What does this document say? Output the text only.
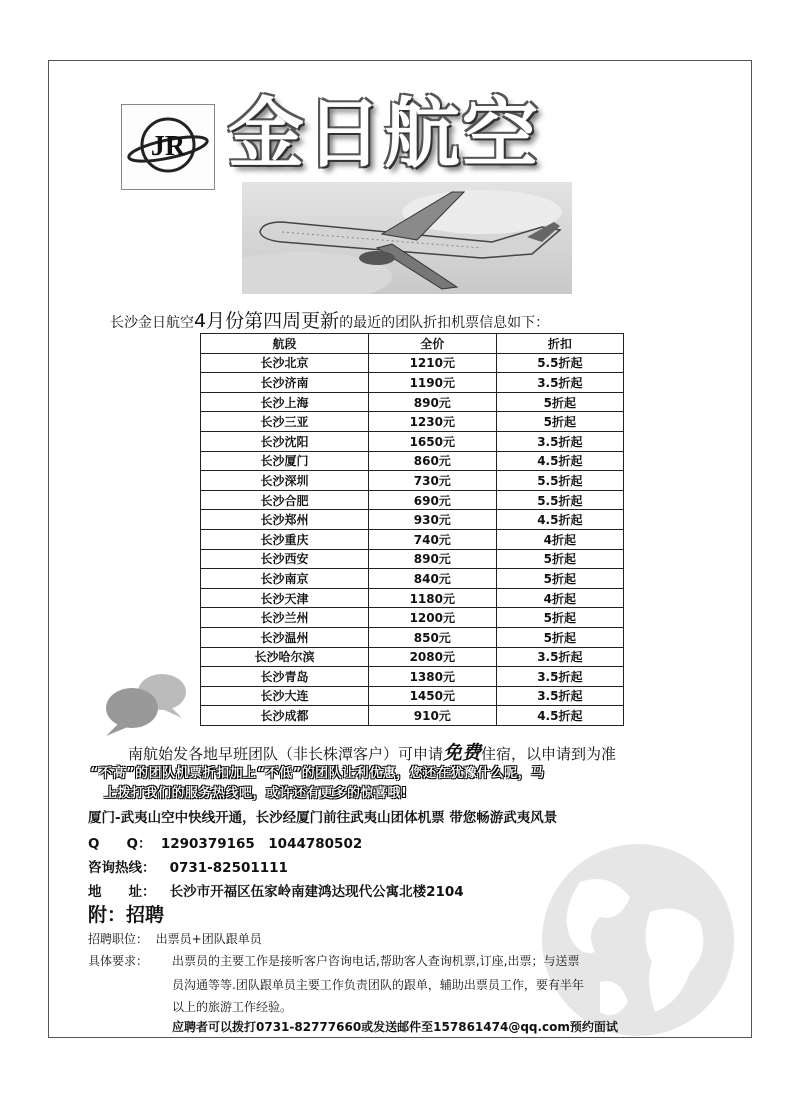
JR 金日航空
长沙金日航空4月份第四周更新的最近的团队折扣机票信息如下：
航段	全价	折扣
长沙北京	1210元	5.5折起
长沙济南	1190元	3.5折起
长沙上海	890元	5折起
长沙三亚	1230元	5折起
长沙沈阳	1650元	3.5折起
长沙厦门	860元	4.5折起
长沙深圳	730元	5.5折起
长沙合肥	690元	5.5折起
长沙郑州	930元	4.5折起
长沙重庆	740元	4折起
长沙西安	890元	5折起
长沙南京	840元	5折起
长沙天津	1180元	4折起
长沙兰州	1200元	5折起
长沙温州	850元	5折起
长沙哈尔滨	2080元	3.5折起
长沙青岛	1380元	3.5折起
长沙大连	1450元	3.5折起
长沙成都	910元	4.5折起
南航始发各地早班团队（非长株潭客户）可申请免费住宿，以申请到为准
“不高”的团队机票折扣加上“不低”的团队让利优惠，您还在犹豫什么呢，马
上拨打我们的服务热线吧，或许还有更多的惊喜哦!
厦门-武夷山空中快线开通，长沙经厦门前往武夷山团体机票 带您畅游武夷风景
Q　　Q： 1290379165　1044780502
咨询热线： 0731-82501111
地　　址： 长沙市开福区伍家岭南建鸿达现代公寓北楼2104
附：招聘
招聘职位： 出票员+团队跟单员
具体要求： 出票员的主要工作是接听客户咨询电话,帮助客人查询机票,订座,出票；与送票
员沟通等等.团队跟单员主要工作负责团队的跟单，辅助出票员工作，要有半年
以上的旅游工作经验。
应聘者可以拨打0731-82777660或发送邮件至157861474@qq.com预约面试
